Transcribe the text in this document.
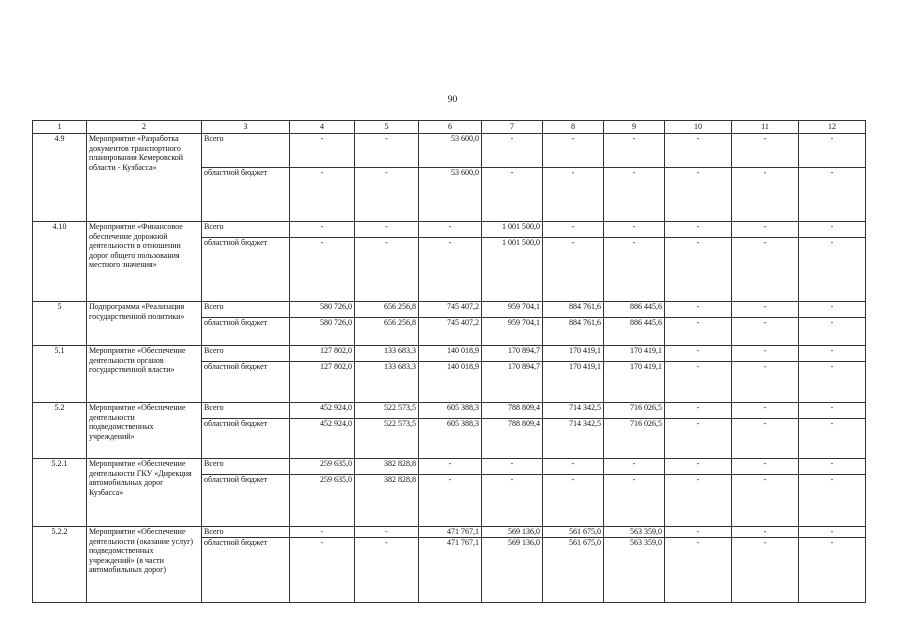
90
1	2	3	4	5	6	7	8	9	10	11	12
4.9	Мероприятие «Разработка документов транспортного планирования Кемеровской области - Кузбасса»	Всего	-	-	53 600,0	-	-	-	-	-	-
		областной бюджет	-	-	53 600,0	-	-	-	-	-	-
4.10	Мероприятие «Финансовое обеспечение дорожной деятельности в отношении дорог общего пользования местного значения»	Всего	-	-	-	1 001 500,0	-	-	-	-	-
		областной бюджет	-	-	-	1 001 500,0	-	-	-	-	-
5	Подпрограмма «Реализация государственной политики»	Всего	580 726,0	656 256,8	745 407,2	959 704,1	884 761,6	886 445,6	-	-	-
		областной бюджет	580 726,0	656 256,8	745 407,2	959 704,1	884 761,6	886 445,6	-	-	-
5.1	Мероприятие «Обеспечение деятельности органов государственной власти»	Всего	127 802,0	133 683,3	140 018,9	170 894,7	170 419,1	170 419,1	-	-	-
		областной бюджет	127 802,0	133 683,3	140 018,9	170 894,7	170 419,1	170 419,1	-	-	-
5.2	Мероприятие «Обеспечение деятельности подведомственных учреждений»	Всего	452 924,0	522 573,5	605 388,3	788 809,4	714 342,5	716 026,5	-	-	-
		областной бюджет	452 924,0	522 573,5	605 388,3	788 809,4	714 342,5	716 026,5	-	-	-
5.2.1	Мероприятие «Обеспечение деятельности ГКУ «Дирекция автомобильных дорог Кузбасса»	Всего	259 635,0	382 828,8	-	-	-	-	-	-	-
		областной бюджет	259 635,0	382 828,8	-	-	-	-	-	-	-
5.2.2	Мероприятие «Обеспечение деятельности (оказание услуг) подведомственных учреждений» (в части автомобильных дорог)	Всего	-	-	471 767,1	569 136,0	561 675,0	563 359,0	-	-	-
		областной бюджет	-	-	471 767,1	569 136,0	561 675,0	563 359,0	-	-	-
